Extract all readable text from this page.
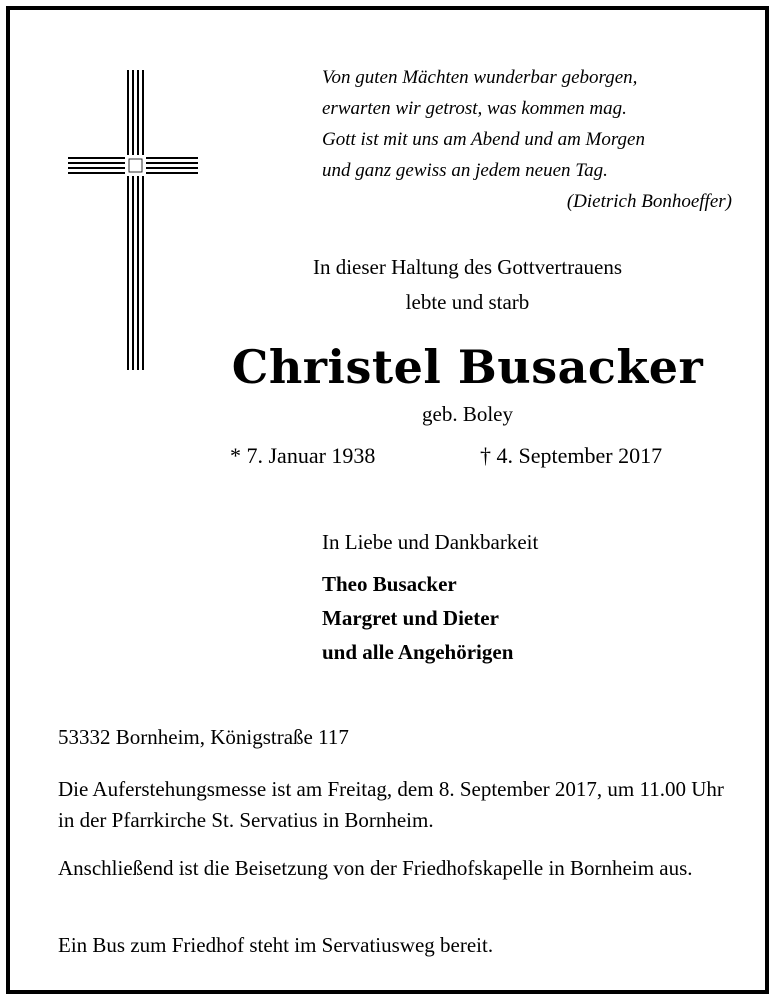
Von guten Mächten wunderbar geborgen,
erwarten wir getrost, was kommen mag.
Gott ist mit uns am Abend und am Morgen
und ganz gewiss an jedem neuen Tag.
(Dietrich Bonhoeffer)
In dieser Haltung des Gottvertrauens
lebte und starb
Christel Busacker
geb. Boley
* 7. Januar 1938	† 4. September 2017
In Liebe und Dankbarkeit
Theo Busacker
Margret und Dieter
und alle Angehörigen
53332 Bornheim, Königstraße 117
Die Auferstehungsmesse ist am Freitag, dem 8. September 2017, um 11.00 Uhr in der Pfarrkirche St. Servatius in Bornheim.
Anschließend ist die Beisetzung von der Friedhofskapelle in Bornheim aus.
Ein Bus zum Friedhof steht im Servatiusweg bereit.
